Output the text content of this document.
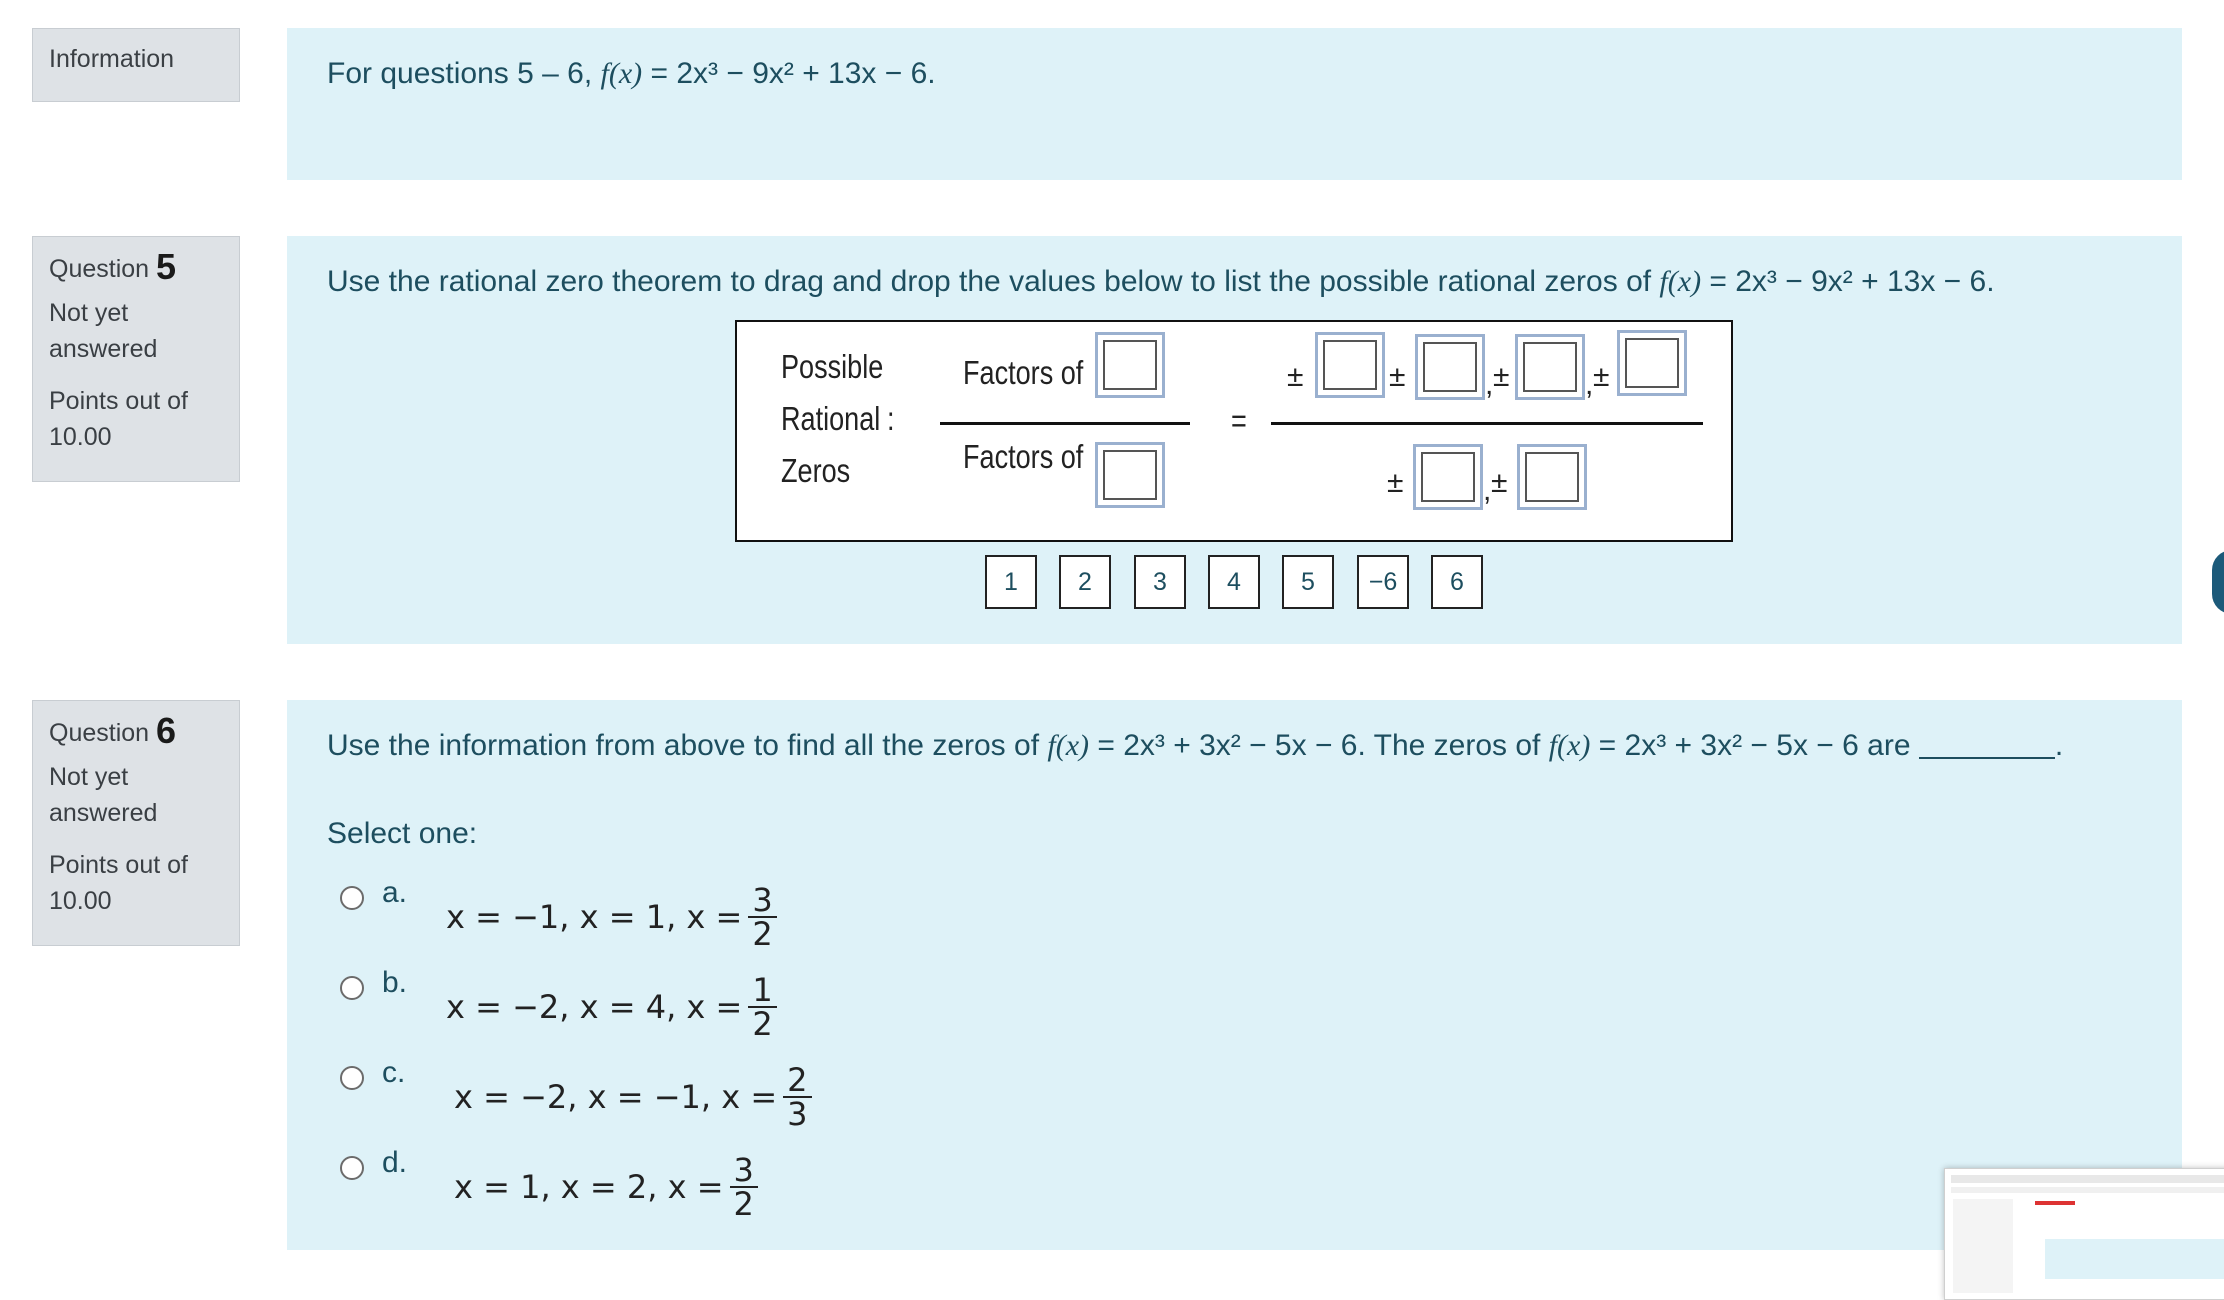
Information	For questions 5 – 6, f(x) = 2x³ − 9x² + 13x − 6.

Question 5

Not yet answered

Points out of 10.00

Use the rational zero theorem to drag and drop the values below to list the possible rational zeros of f(x) = 2x³ − 9x² + 13x − 6.

Possible
Rational :
Zeros
Factors of
Factors of
=
±	±	, ±	, ±
±	, ±
1	2	3	4	5	−6	6

Question 6

Not yet answered

Points out of 10.00

Use the information from above to find all the zeros of f(x) = 2x³ + 3x² − 5x − 6. The zeros of f(x) = 2x³ + 3x² − 5x − 6 are	.

Select one:

a.
x = −1, x = 1, $x = \frac{3}{2}$
b.
x = −2, x = 4, $x = \frac{1}{2}$
c.
x = −2, x = −1, $x = \frac{2}{3}$
d.
x = 1, x = 2, $x = \frac{3}{2}$
